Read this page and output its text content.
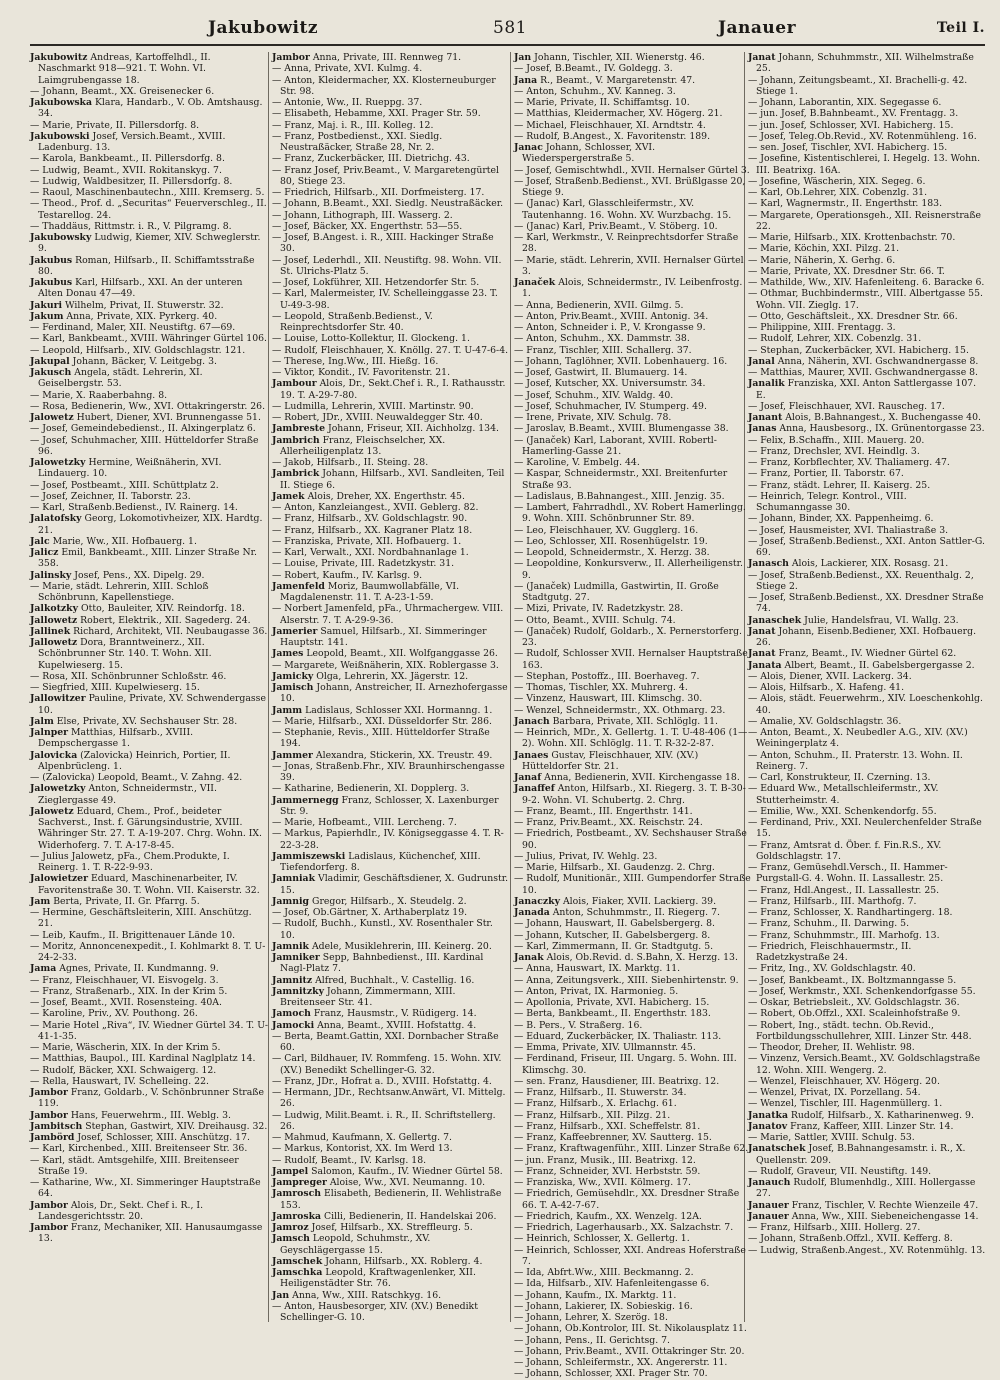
Jakubowitz	581	Janauer	Teil I.

Jakubowitz Andreas, Kartoffelhdl., II. Naschmarkt 918—921. T. Wohn. VI. Laimgrubengasse 18.

— Johann, Beamt., XX. Greisenecker 6.

Jakubowska Klara, Handarb., V. Ob. Amtshausg. 34.

— Marie, Private, II. Pillersdorfg. 8.

Jakubowski Josef, Versich.Beamt., XVIII. Ladenburg. 13.

— Karola, Bankbeamt., II. Pillersdorfg. 8.

— Ludwig, Beamt., XVII. Rokitanskyg. 7.

— Ludwig, Waldbesitzer, II. Pillersdorfg. 8.

— Raoul, Maschinenbautechn., XIII. Kremserg. 5.

— Theod., Prof. d. „Securitas“ Feuerverschleg., II. Testarellog. 24.

— Thaddäus, Rittmstr. i. R., V. Pilgramg. 8.

Jakubowsky Ludwig, Kiemer, XIV. Schweglerstr. 9.

Jakubus Roman, Hilfsarb., II. Schiffamtsstraße 80.

Jakubus Karl, Hilfsarb., XXI. An der unteren Alten Donau 47—49.

Jakuri Wilhelm, Privat, II. Stuwerstr. 32.

Jakum Anna, Private, XIX. Pyrkerg. 40.

— Ferdinand, Maler, XII. Neustiftg. 67—69.

— Karl, Bankbeamt., XVIII. Währinger Gürtel 106.

— Leopold, Hilfsarb., XIV. Goldschlagstr. 121.

Jakupal Johann, Bäcker, V. Leitgebg. 3.

Jakusch Angela, städt. Lehrerin, XI. Geiselbergstr. 53.

— Marie, X. Raaberbahng. 8.

— Rosa, Bedienerin, Ww., XVI. Ottakringerstr. 26.

Jalowetz Hubert, Diener, XVI. Brunnengasse 51.

— Josef, Gemeindebedienst., II. Alxingerplatz 6.

— Josef, Schuhmacher, XIII. Hütteldorfer Straße 96.

Jalowetzky Hermine, Weißnäherin, XVI. Lindauerg. 10.

— Josef, Postbeamt., XIII. Schüttplatz 2.

— Josef, Zeichner, II. Taborstr. 23.

— Karl, Straßenb.Bedienst., IV. Rainerg. 14.

Jalatofsky Georg, Lokomotivheizer, XIX. Hardtg. 21.

Jalc Marie, Ww., XII. Hofbauerg. 1.

Jalicz Emil, Bankbeamt., XIII. Linzer Straße Nr. 358.

Jalinsky Josef, Pens., XX. Dipelg. 29.

— Marie, städt. Lehrerin, XIII. Schloß Schönbrunn, Kapellenstiege.

Jalkotzky Otto, Bauleiter, XIV. Reindorfg. 18.

Jallowetz Robert, Elektrik., XII. Sagederg. 24.

Jallinek Richard, Architekt, VII. Neubaugasse 36.

Jallowetz Dora, Branntweinerz., XII. Schönbrunner Str. 140. T. Wohn. XII. Kupelwieserg. 15.

— Rosa, XII. Schönbrunner Schloßstr. 46.

— Siegfried, XIII. Kupelwieserg. 15.

Jallowitzer Pauline, Private, XV. Schwendergasse 10.

Jalm Else, Private, XV. Sechshauser Str. 28.

Jalnper Matthias, Hilfsarb., XVIII. Dempschergasse 1.

Jalovicka (Zalovicka) Heinrich, Portier, II. Alpenbrücleng. 1.

— (Zalovicka) Leopold, Beamt., V. Zahng. 42.

Jalowetzky Anton, Schneidermstr., VII. Zieglergasse 49.

Jalowetz Eduard, Chem., Prof., beideter Sachverst., Inst. f. Gärungsindustrie, XVIII. Währinger Str. 27. T. A-19-207. Chrg. Wohn. IX. Widerhoferg. 7. T. A-17-8-45.

— Julius Jalowetz, pFa., Chem.Produkte, I. Reinerg. 1. T. R-22-9-93.

Jalowietzer Eduard, Maschinenarbeiter, IV. Favoritenstraße 30. T. Wohn. VII. Kaiserstr. 32.

Jam Berta, Private, II. Gr. Pfarrg. 5.

— Hermine, Geschäftsleiterin, XIII. Anschützg. 21.

— Leib, Kaufm., II. Brigittenauer Lände 10.

— Moritz, Annoncenexpedit., I. Kohlmarkt 8. T. U-24-2-33.

Jama Agnes, Private, II. Kundmanng. 9.

— Franz, Fleischhauer, VI. Eisvogelg. 3.

— Franz, Straßenarb., XIX. In der Krim 5.

— Josef, Beamt., XVII. Rosensteing. 40A.

— Karoline, Priv., XV. Pouthong. 26.

— Marie Hotel „Riva“, IV. Wiedner Gürtel 34. T. U-41-1-35.

— Marie, Wäscherin, XIX. In der Krim 5.

— Matthias, Baupol., III. Kardinal Naglplatz 14.

— Rudolf, Bäcker, XXI. Schwaigerg. 12.

— Rella, Hauswart, IV. Schelleing. 22.

Jambor Franz, Goldarb., V. Schönbrunner Straße 119.

Jambor Hans, Feuerwehrm., III. Weblg. 3.

Jambitsch Stephan, Gastwirt, XIV. Dreihausg. 32.

Jambörd Josef, Schlosser, XIII. Anschützg. 17.

— Karl, Kirchenbed., XIII. Breitenseer Str. 36.

— Karl, städt. Amtsgehilfe, XIII. Breitenseer Straße 19.

— Katharine, Ww., XI. Simmeringer Hauptstraße 64.

Jambor Alois, Dr., Sekt. Chef i. R., I. Landesgerichtsstr. 20.

Jambor Franz, Mechaniker, XII. Hanusaumgasse 13.

Jambor Anna, Private, III. Rennweg 71.

— Anna, Private, XVI. Kulmg. 4.

— Anton, Kleidermacher, XX. Klosterneuburger Str. 98.

— Antonie, Ww., II. Rueppg. 37.

— Elisabeth, Hebamme, XXI. Prager Str. 59.

— Franz, Maj. i. R., III. Kolleg. 12.

— Franz, Postbedienst., XXI. Siedlg. Neustraßäcker, Straße 28, Nr. 2.

— Franz, Zuckerbäcker, III. Dietrichg. 43.

— Franz Josef, Priv.Beamt., V. Margaretengürtel 80, Stiege 23.

— Friedrich, Hilfsarb., XII. Dorfmeisterg. 17.

— Johann, B.Beamt., XXI. Siedlg. Neustraßäcker.

— Johann, Lithograph, III. Wasserg. 2.

— Josef, Bäcker, XX. Engerthstr. 53—55.

— Josef, B.Angest. i. R., XIII. Hackinger Straße 30.

— Josef, Lederhdl., XII. Neustiftg. 98. Wohn. VII. St. Ulrichs-Platz 5.

— Josef, Lokführer, XII. Hetzendorfer Str. 5.

— Karl, Malermeister, IV. Schelleinggasse 23. T. U-49-3-98.

— Leopold, Straßenb.Bedienst., V. Reinprechtsdorfer Str. 40.

— Louise, Lotto-Kollektur, II. Glockeng. 1.

— Rudolf, Fleischhauer, X. Knöllg. 27. T. U-47-6-4.

— Therese, Ing.Ww., III. Hießg. 16.

— Viktor, Kondit., IV. Favoritenstr. 21.

Jambour Alois, Dr., Sekt.Chef i. R., I. Rathausstr. 19. T. A-29-7-80.

— Ludmilla, Lehrerin, XVIII. Martinstr. 90.

— Robert, JDr., XVIII. Neuwaldegger Str. 40.

Jambreste Johann, Friseur, XII. Aichholzg. 134.

Jambrich Franz, Fleischselcher, XX. Allerheiligenplatz 13.

— Jakob, Hilfsarb., II. Steing. 28.

Jambrick Johann, Hilfsarb., XVI. Sandleiten, Teil II. Stiege 6.

Jamek Alois, Dreher, XX. Engerthstr. 45.

— Anton, Kanzleiangest., XVII. Geblerg. 82.

— Franz, Hilfsarb., XV. Goldschlagstr. 90.

— Franz, Hilfsarb., XX. Kagraner Platz 18.

— Franziska, Private, XII. Hofbauerg. 1.

— Karl, Verwalt., XXI. Nordbahnanlage 1.

— Louise, Private, III. Radetzkystr. 31.

— Robert, Kaufm., IV. Karlsg. 9.

Jamenfeld Moriz, Baumwollabfälle, VI. Magdalenenstr. 11. T. A-23-1-59.

— Norbert Jamenfeld, pFa., Uhrmachergew. VIII. Alserstr. 7. T. A-29-9-36.

Jamerier Samuel, Hilfsarb., XI. Simmeringer Hauptstr. 141.

James Leopold, Beamt., XII. Wolfganggasse 26.

— Margarete, Weißnäherin, XIX. Roblergasse 3.

Jamicky Olga, Lehrerin, XX. Jägerstr. 12.

Jamisch Johann, Anstreicher, II. Arnezhofergasse 10.

Jamm Ladislaus, Schlosser XXI. Hormanng. 1.

— Marie, Hilfsarb., XXI. Düsseldorfer Str. 286.

— Stephanie, Revis., XIII. Hütteldorfer Straße 194.

Jammer Alexandra, Stickerin, XX. Treustr. 49.

— Jonas, Straßenb.Fhr., XIV. Braunhirschengasse 39.

— Katharine, Bedienerin, XI. Dopplerg. 3.

Jammernegg Franz, Schlosser, X. Laxenburger Str. 9.

— Marie, Hofbeamt., VIII. Lercheng. 7.

— Markus, Papierhdlr., IV. Königseggasse 4. T. R-22-3-28.

Jammiszewski Ladislaus, Küchenchef, XIII. Tiefendorferg. 8.

Jamniak Vladimir, Geschäftsdiener, X. Gudrunstr. 15.

Jamnig Gregor, Hilfsarb., X. Steudelg. 2.

— Josef, Ob.Gärtner, X. Arthaberplatz 19.

— Rudolf, Buchh., Kunstl., XV. Rosenthaler Str. 10.

Jamnik Adele, Musiklehrerin, III. Keinerg. 20.

Jamniker Sepp, Bahnbedienst., III. Kardinal Nagl-Platz 7.

Jamnitz Alfred, Buchhalt., V. Castellig. 16.

Jamnitzky Johann, Zimmermann, XIII. Breitenseer Str. 41.

Jamoch Franz, Hausmstr., V. Rüdigerg. 14.

Jamocki Anna, Beamt., XVIII. Hofstattg. 4.

— Berta, Beamt.Gattin, XXI. Dornbacher Straße 60.

— Carl, Bildhauer, IV. Rommfeng. 15. Wohn. XIV. (XV.) Benedikt Schellinger-G. 32.

— Franz, JDr., Hofrat a. D., XVIII. Hofstattg. 4.

— Hermann, JDr., Rechtsanw.Anwärt, VI. Mittelg. 26.

— Ludwig, Milit.Beamt. i. R., II. Schriftstellerg. 26.

— Mahmud, Kaufmann, X. Gellertg. 7.

— Markus, Kontorist, XX. Im Werd 13.

— Rudolf, Beamt., IV. Karlsg. 18.

Jampel Salomon, Kaufm., IV. Wiedner Gürtel 58.

Jampreger Aloise, Ww., XVI. Neumanng. 10.

Jamrosch Elisabeth, Bedienerin, II. Wehlistraße 153.

Jamroska Cilli, Bedienerin, II. Handelskai 206.

Jamroz Josef, Hilfsarb., XX. Streffleurg. 5.

Jamsch Leopold, Schuhmstr., XV. Geyschlägergasse 15.

Jamschek Johann, Hilfsarb., XX. Roblerg. 4.

Jamschka Leopold, Kraftwagenlenker, XII. Heiligenstädter Str. 76.

Jan Anna, Ww., XIII. Ratschkyg. 16.

— Anton, Hausbesorger, XIV. (XV.) Benedikt Schellinger-G. 10.

Jan Johann, Tischler, XII. Wienerstg. 46.

— Josef, B.Beamt., IV. Goldegg. 3.

Jana R., Beamt., V. Margaretenstr. 47.

— Anton, Schuhm., XV. Kanneg. 3.

— Marie, Private, II. Schiffamtsg. 10.

— Matthias, Kleidermacher, XV. Högerg. 21.

— Michael, Fleischhauer, XI. Arndtstr. 4.

— Rudolf, B.Angest., X. Favoritenstr. 189.

Janac Johann, Schlosser, XVI. Wiederspergerstraße 5.

— Josef, Gemischtwhdl., XVII. Hernalser Gürtel 3.

— Josef, Straßenb.Bedienst., XVI. Brüßlgasse 20, Stiege 9.

— (Janac) Karl, Glasschleifermstr., XV. Tautenhanng. 16. Wohn. XV. Wurzbachg. 15.

— (Janac) Karl, Priv.Beamt., V. Stöberg. 10.

— Karl, Werkmstr., V. Reinprechtsdorfer Straße 28.

— Marie, städt. Lehrerin, XVII. Hernalser Gürtel 3.

Janaček Alois, Schneidermstr., IV. Leibenfrostg. 1.

— Anna, Bedienerin, XVII. Gilmg. 5.

— Anton, Priv.Beamt., XVIII. Antonig. 34.

— Anton, Schneider i. P., V. Krongasse 9.

— Anton, Schuhm., XX. Dammstr. 38.

— Franz, Tischler, XIII. Schallerg. 37.

— Johann, Taglöhner, XVII. Lobenhauerg. 16.

— Josef, Gastwirt, II. Blumauerg. 14.

— Josef, Kutscher, XX. Universumstr. 34.

— Josef, Schuhm., XIV. Waldg. 40.

— Josef, Schuhmacher, IV. Stumperg. 49.

— Irene, Private, XIV. Schulg. 78.

— Jaroslav, B.Beamt., XVIII. Blumengasse 38.

— (Janaček) Karl, Laborant, XVIII. Robertl-Hamerling-Gasse 21.

— Karoline, V. Embelg. 44.

— Kaspar, Schneidermstr., XXI. Breitenfurter Straße 93.

— Ladislaus, B.Bahnangest., XIII. Jenzig. 35.

— Lambert, Fahrradhdl., XV. Robert Hamerlingg. 9. Wohn. XIII. Schönbrunner Str. 89.

— Leo, Fleischhauer, XV. Gugglerg. 16.

— Leo, Schlosser, XII. Rosenhügelstr. 19.

— Leopold, Schneidermstr., X. Herzg. 38.

— Leopoldine, Konkursverw., II. Allerheiligenstr. 9.

— (Janaček) Ludmilla, Gastwirtin, II. Große Stadtgutg. 27.

— Mizi, Private, IV. Radetzkystr. 28.

— Otto, Beamt., XVIII. Schulg. 74.

— (Janaček) Rudolf, Goldarb., X. Pernerstorferg. 23.

— Rudolf, Schlosser XVII. Hernalser Hauptstraße 163.

— Stephan, Postoffz., III. Boerhaveg. 7.

— Thomas, Tischler, XX. Muhrerg. 4.

— Vinzenz, Hauswart, III. Klimschg. 30.

— Wenzel, Schneidermstr., XX. Othmarg. 23.

Janach Barbara, Private, XII. Schlöglg. 11.

— Heinrich, MDr., X. Gellertg. 1. T. U-48-406 (1—2). Wohn. XII. Schlöglg. 11. T. R-32-2-87.

Janaes Gustav, Fleischhauer, XIV. (XV.) Hütteldorfer Str. 21.

Janaf Anna, Bedienerin, XVII. Kirchengasse 18.

Janaffef Anton, Hilfsarb., XI. Riegerg. 3. T. B-30-9-2. Wohn. VI. Schubertg. 2. Chrg.

— Franz, Beamt., III. Engerthstr. 141.

— Franz, Priv.Beamt., XX. Reischstr. 24.

— Friedrich, Postbeamt., XV. Sechshauser Straße 90.

— Julius, Privat, IV. Wehlg. 23.

— Marie, Hilfsarb., XI. Gaudenzg. 2. Chrg.

— Rudolf, Munitionär., XIII. Gumpendorfer Straße 10.

Janaczky Alois, Fiaker, XVII. Lackierg. 39.

Janada Anton, Schuhmmstr., II. Riegerg. 7.

— Johann, Hauswart, II. Gabelsbergerg. 8.

— Johann, Kutscher, II. Gabelsbergerg. 8.

— Karl, Zimmermann, II. Gr. Stadtgutg. 5.

Janak Alois, Ob.Revid. d. S.Bahn, X. Herzg. 13.

— Anna, Hauswart, IX. Marktg. 11.

— Anna, Zeitungsverk., XIII. Siebenhirtenstr. 9.

— Anton, Privat, IX. Harmonieg. 5.

— Apollonia, Private, XVI. Habicherg. 15.

— Berta, Bankbeamt., II. Engerthstr. 183.

— B. Pers., V. Straßerg. 16.

— Eduard, Zuckerbäcker, IX. Thaliastr. 113.

— Emma, Private, XIV. Ullmannstr. 45.

— Ferdinand, Friseur, III. Ungarg. 5. Wohn. III. Klimschg. 30.

— sen. Franz, Hausdiener, III. Beatrixg. 12.

— Franz, Hilfsarb., II. Stuwerstr. 34.

— Franz, Hilfsarb., X. Erlachg. 61.

— Franz, Hilfsarb., XII. Pilzg. 21.

— Franz, Hilfsarb., XXI. Scheffelstr. 81.

— Franz, Kaffeebrenner, XV. Sautterg. 15.

— Franz, Kraftwagenführ., XIII. Linzer Straße 62.

— jun. Franz, Musik., III. Beatrixg. 12.

— Franz, Schneider, XVI. Herbststr. 59.

— Franziska, Ww., XVII. Kölmerg. 17.

— Friedrich, Gemüsehdlr., XX. Dresdner Straße 66. T. A-42-7-67.

— Friedrich, Kaufm., XX. Wenzelg. 12A.

— Friedrich, Lagerhausarb., XX. Salzachstr. 7.

— Heinrich, Schlosser, X. Gellertg. 1.

— Heinrich, Schlosser, XXI. Andreas Hoferstraße 7.

— Ida, Abfrt.Ww., XIII. Beckmanng. 2.

— Ida, Hilfsarb., XIV. Hafenleitengasse 6.

— Johann, Kaufm., IX. Marktg. 11.

— Johann, Lakierer, IX. Sobieskig. 16.

— Johann, Lehrer, X. Szerög. 18.

— Johann, Ob.Kontrolor, III. St. Nikolausplatz 11.

— Johann, Pens., II. Gerichtsg. 7.

— Johann, Priv.Beamt., XVII. Ottakringer Str. 20.

— Johann, Schleifermstr., XX. Angererstr. 11.

— Johann, Schlosser, XXI. Prager Str. 70.

Janat Johann, Schuhmmstr., XII. Wilhelmstraße 25.

— Johann, Zeitungsbeamt., XI. Brachelli-g. 42. Stiege 1.

— Johann, Laborantin, XIX. Segegasse 6.

— jun. Josef, B.Bahnbeamt., XV. Frentagg. 3.

— jun. Josef, Schlosser, XVI. Habicherg. 15.

— Josef, Teleg.Ob.Revid., XV. Rotenmühleng. 16.

— sen. Josef, Tischler, XVI. Habicherg. 15.

— Josefine, Kistentischlerei, I. Hegelg. 13. Wohn. III. Beatrixg. 16A.

— Josefine, Wäscherin, XIX. Segeg. 6.

— Karl, Ob.Lehrer, XIX. Cobenzlg. 31.

— Karl, Wagnermstr., II. Engerthstr. 183.

— Margarete, Operationsgeh., XII. Reisnerstraße 22.

— Marie, Hilfsarb., XIX. Krottenbachstr. 70.

— Marie, Köchin, XXI. Pilzg. 21.

— Marie, Näherin, X. Gerhg. 6.

— Marie, Private, XX. Dresdner Str. 66. T.

— Mathilde, Ww., XIV. Hafenleiteng. 6. Baracke 6.

— Othmar, Buchbindermstr., VIII. Albertgasse 55. Wohn. VII. Zieglg. 17.

— Otto, Geschäftsleit., XX. Dresdner Str. 66.

— Philippine, XIII. Frentagg. 3.

— Rudolf, Lehrer, XIX. Cobenzlg. 31.

— Stephan, Zuckerbäcker, XVI. Habicherg. 15.

Janal Anna, Näherin, XVI. Gschwandnergasse 8.

— Matthias, Maurer, XVII. Gschwandnergasse 8.

Janalik Franziska, XXI. Anton Sattlergasse 107. E.

— Josef, Fleischhauer, XVI. Rauscheg. 17.

Janant Alois, B.Bahnangest., X. Buchengasse 40.

Janas Anna, Hausbesorg., IX. Grünentorgasse 23.

— Felix, B.Schaffn., XIII. Mauerg. 20.

— Franz, Drechsler, XVI. Heindlg. 3.

— Franz, Korbflechter, XV. Thaliamerg. 47.

— Franz, Portier, II. Taborstr. 67.

— Franz, städt. Lehrer, II. Kaiserg. 25.

— Heinrich, Telegr. Kontrol., VIII. Schumanngasse 30.

— Johann, Binder, XX. Pappenheimg. 6.

— Josef, Hausmeister, XVI. Thaliastraße 3.

— Josef, Straßenb.Bedienst., XXI. Anton Sattler-G. 69.

Janasch Alois, Lackierer, XIX. Rosasg. 21.

— Josef, Straßenb.Bedienst., XX. Reuenthalg. 2, Stiege 2.

— Josef, Straßenb.Bedienst., XX. Dresdner Straße 74.

Janaschek Julie, Handelsfrau, VI. Wallg. 23.

Janat Johann, Eisenb.Bediener, XXI. Hofbauerg. 26.

Janat Franz, Beamt., IV. Wiedner Gürtel 62.

Janata Albert, Beamt., II. Gabelsbergergasse 2.

— Alois, Diener, XVII. Lackerg. 34.

— Alois, Hilfsarb., X. Hafeng. 41.

— Alois, städt. Feuerwehrm., XIV. Loeschenkohlg. 40.

— Amalie, XV. Goldschlagstr. 36.

— Anton, Beamt., X. Neubedler A.G., XIV. (XV.) Weiningerplatz 4.

— Anton, Schuhm., II. Praterstr. 13. Wohn. II. Reinerg. 7.

— Carl, Konstrukteur, II. Czerning. 13.

— Eduard Ww., Metallschleifermstr., XV. Stutterheimstr. 4.

— Emilie, Ww., XXI. Schenkendorfg. 55.

— Ferdinand, Priv., XXI. Neulerchenfelder Straße 15.

— Franz, Amtsrat d. Öber. f. Fin.R.S., XV. Goldschlagstr. 17.

— Franz, Gemüsehdl.Versch., II. Hammer-Purgstall-G. 4. Wohn. II. Lassallestr. 25.

— Franz, Hdl.Angest., II. Lassallestr. 25.

— Franz, Hilfsarb., III. Marthofg. 7.

— Franz, Schlosser, X. Randhartingerg. 18.

— Franz, Schuhm., II. Darwing. 5.

— Franz, Schuhmmstr., III. Marhofg. 13.

— Friedrich, Fleischhauermstr., II. Radetzkystraße 24.

— Fritz, Ing., XV. Goldschlagstr. 40.

— Josef, Bankbeamt., IX. Boltzmanngasse 5.

— Josef, Werkmstr., XXI. Schenkendorfgasse 55.

— Oskar, Betriebsleit., XV. Goldschlagstr. 36.

— Robert, Ob.Offzl., XXI. Scaleinhofstraße 9.

— Robert, Ing., städt. techn. Ob.Revid., Fortbildungsschullehrer, XIII. Linzer Str. 448.

— Theodor, Dreher, II. Wehlistr. 98.

— Vinzenz, Versich.Beamt., XV. Goldschlagstraße 12. Wohn. XIII. Wengerg. 2.

— Wenzel, Fleischhauer, XV. Högerg. 20.

— Wenzel, Privat, IX. Porzellang. 54.

— Wenzel, Tischler, III. Hagenmüllerg. 1.

Janatka Rudolf, Hilfsarb., X. Katharinenweg. 9.

Janatov Franz, Kaffeer, XIII. Linzer Str. 14.

— Marie, Sattler, XVIII. Schulg. 53.

Janatschek Josef, B.Bahnangesamstr. i. R., X. Quellenstr. 209.

— Rudolf, Graveur, VII. Neustiftg. 149.

Janauch Rudolf, Blumenhdlg., XIII. Hollergasse 27.

Janauer Franz, Tischler, V. Rechte Wienzeile 47.

Janauer Anna, Ww., XIII. Siebeneichengasse 14.

— Franz, Hilfsarb., XIII. Hollerg. 27.

— Johann, Straßenb.Offzl., XVII. Kefferg. 8.

— Ludwig, Straßenb.Angest., XV. Rotenmühlg. 13.
